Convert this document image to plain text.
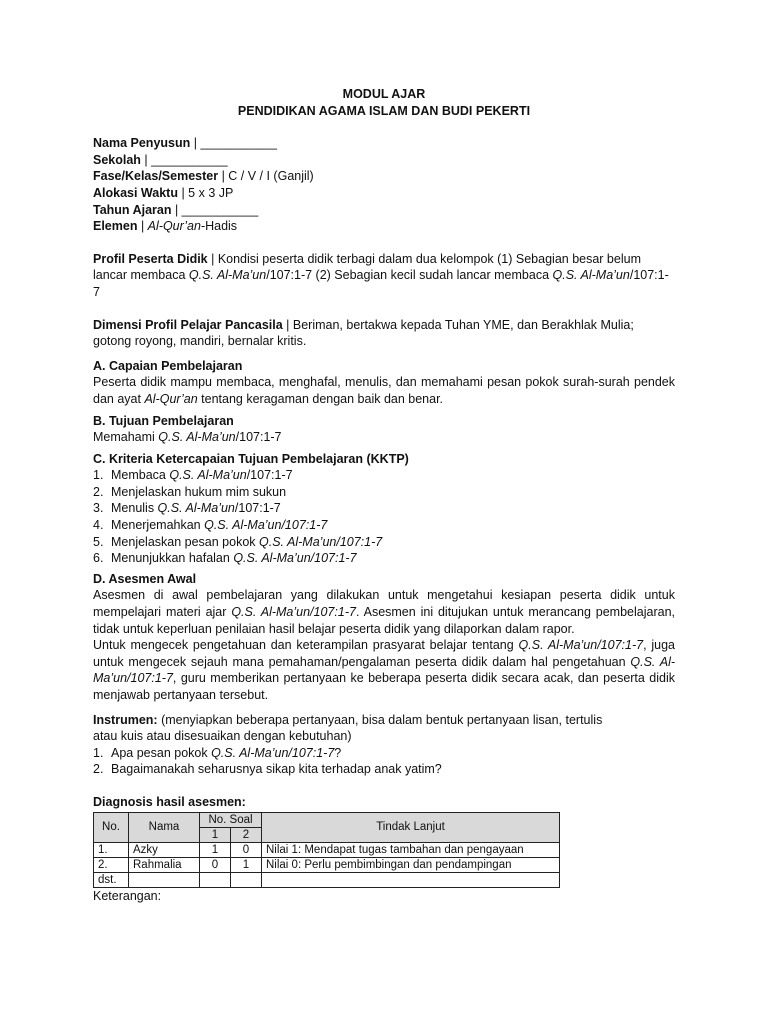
MODUL AJAR
PENDIDIKAN AGAMA ISLAM DAN BUDI PEKERTI

Nama Penyusun | ___________

Sekolah | ___________

Fase/Kelas/Semester | C / V / I (Ganjil)

Alokasi Waktu | 5 x 3 JP

Tahun Ajaran | ___________

Elemen | Al-Qur’an-Hadis

Profil Peserta Didik | Kondisi peserta didik terbagi dalam dua kelompok (1) Sebagian besar belum lancar membaca Q.S. Al-Ma’un/107:1-7 (2) Sebagian kecil sudah lancar membaca Q.S. Al-Ma’un/107:1-7

Dimensi Profil Pelajar Pancasila | Beriman, bertakwa kepada Tuhan YME, dan Berakhlak Mulia; gotong royong, mandiri, bernalar kritis.

A. Capaian Pembelajaran

Peserta didik mampu membaca, menghafal, menulis, dan memahami pesan pokok surah-surah pendek dan ayat Al-Qur’an tentang keragaman dengan baik dan benar.

B. Tujuan Pembelajaran

Memahami Q.S. Al-Ma’un/107:1-7

C. Kriteria Ketercapaian Tujuan Pembelajaran (KKTP)

1. Membaca Q.S. Al-Ma’un/107:1-7
2. Menjelaskan hukum mim sukun
3. Menulis Q.S. Al-Ma’un/107:1-7
4. Menerjemahkan Q.S. Al-Ma’un/107:1-7
5. Menjelaskan pesan pokok Q.S. Al-Ma’un/107:1-7
6. Menunjukkan hafalan Q.S. Al-Ma’un/107:1-7

D. Asesmen Awal

Asesmen di awal pembelajaran yang dilakukan untuk mengetahui kesiapan peserta didik untuk mempelajari materi ajar Q.S. Al-Ma’un/107:1-7. Asesmen ini ditujukan untuk merancang pembelajaran, tidak untuk keperluan penilaian hasil belajar peserta didik yang dilaporkan dalam rapor.

Untuk mengecek pengetahuan dan keterampilan prasyarat belajar tentang Q.S. Al-Ma’un/107:1-7, juga untuk mengecek sejauh mana pemahaman/pengalaman peserta didik dalam hal pengetahuan Q.S. Al-Ma’un/107:1-7, guru memberikan pertanyaan ke beberapa peserta didik secara acak, dan peserta didik menjawab pertanyaan tersebut.

Instrumen: (menyiapkan beberapa pertanyaan, bisa dalam bentuk pertanyaan lisan, tertulis

atau kuis atau disesuaikan dengan kebutuhan)

1. Apa pesan pokok Q.S. Al-Ma’un/107:1-7?
2. Bagaimanakah seharusnya sikap kita terhadap anak yatim?

Diagnosis hasil asesmen:

No.	Nama	No. Soal		Tindak Lanjut
		1	2	
1.	Azky	1	0	Nilai 1: Mendapat tugas tambahan dan pengayaan
2.	Rahmalia	0	1	Nilai 0: Perlu pembimbingan dan pendampingan
dst.				

Keterangan:
